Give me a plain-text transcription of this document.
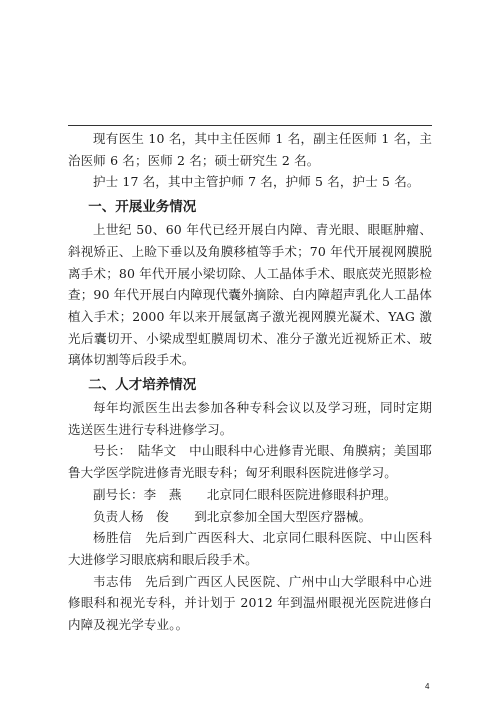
现有医生 10 名，其中主任医师 1 名，副主任医师 1 名，主治医师 6 名；医师 2 名；硕士研究生 2 名。

护士 17 名，其中主管护师 7 名，护师 5 名，护士 5 名。

一、开展业务情况

上世纪 50、60 年代已经开展白内障、青光眼、眼眶肿瘤、斜视矫正、上睑下垂以及角膜移植等手术；70 年代开展视网膜脱离手术；80 年代开展小梁切除、人工晶体手术、眼底荧光照影检查；90 年代开展白内障现代囊外摘除、白内障超声乳化人工晶体植入手术；2000 年以来开展氩离子激光视网膜光凝术、YAG 激光后囊切开、小梁成型虹膜周切术、准分子激光近视矫正术、玻璃体切割等后段手术。

二、人才培养情况

每年均派医生出去参加各种专科会议以及学习班，同时定期选送医生进行专科进修学习。

号长：　陆华文　中山眼科中心进修青光眼、角膜病；美国耶鲁大学医学院进修青光眼专科；匈牙利眼科医院进修学习。

副号长：李　燕　　北京同仁眼科医院进修眼科护理。

负责人杨　俊　　到北京参加全国大型医疗器械。

杨胜信　先后到广西医科大、北京同仁眼科医院、中山医科大进修学习眼底病和眼后段手术。

韦志伟　先后到广西区人民医院、广州中山大学眼科中心进修眼科和视光专科，并计划于 2012 年到温州眼视光医院进修白内障及视光学专业。。

4
